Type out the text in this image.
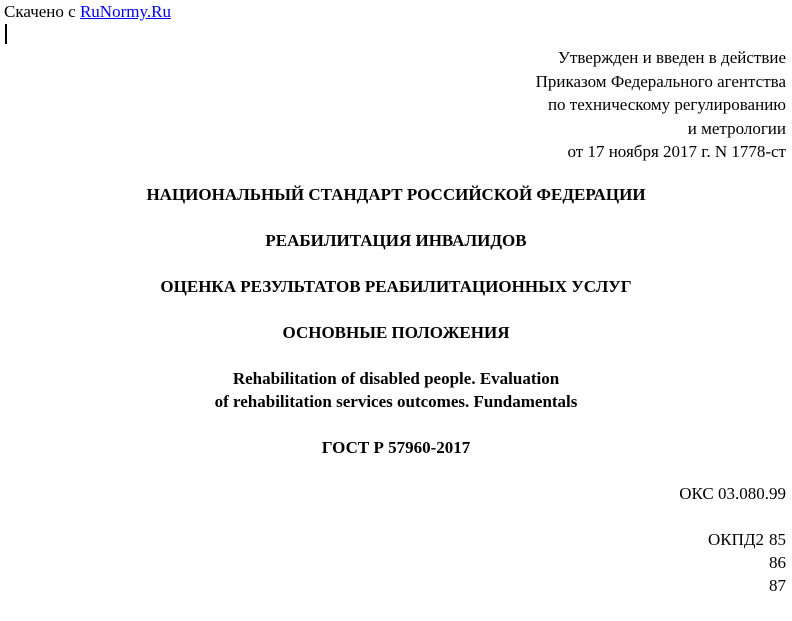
Скачено с RuNormy.Ru
Утвержден и введен в действие
Приказом Федерального агентства
по техническому регулированию
и метрологии
от 17 ноября 2017 г. N 1778-ст
НАЦИОНАЛЬНЫЙ СТАНДАРТ РОССИЙСКОЙ ФЕДЕРАЦИИ
РЕАБИЛИТАЦИЯ ИНВАЛИДОВ
ОЦЕНКА РЕЗУЛЬТАТОВ РЕАБИЛИТАЦИОННЫХ УСЛУГ
ОСНОВНЫЕ ПОЛОЖЕНИЯ
Rehabilitation of disabled people. Evaluation
of rehabilitation services outcomes. Fundamentals
ГОСТ Р 57960-2017
ОКС 03.080.99
ОКПД2 85
86
87
